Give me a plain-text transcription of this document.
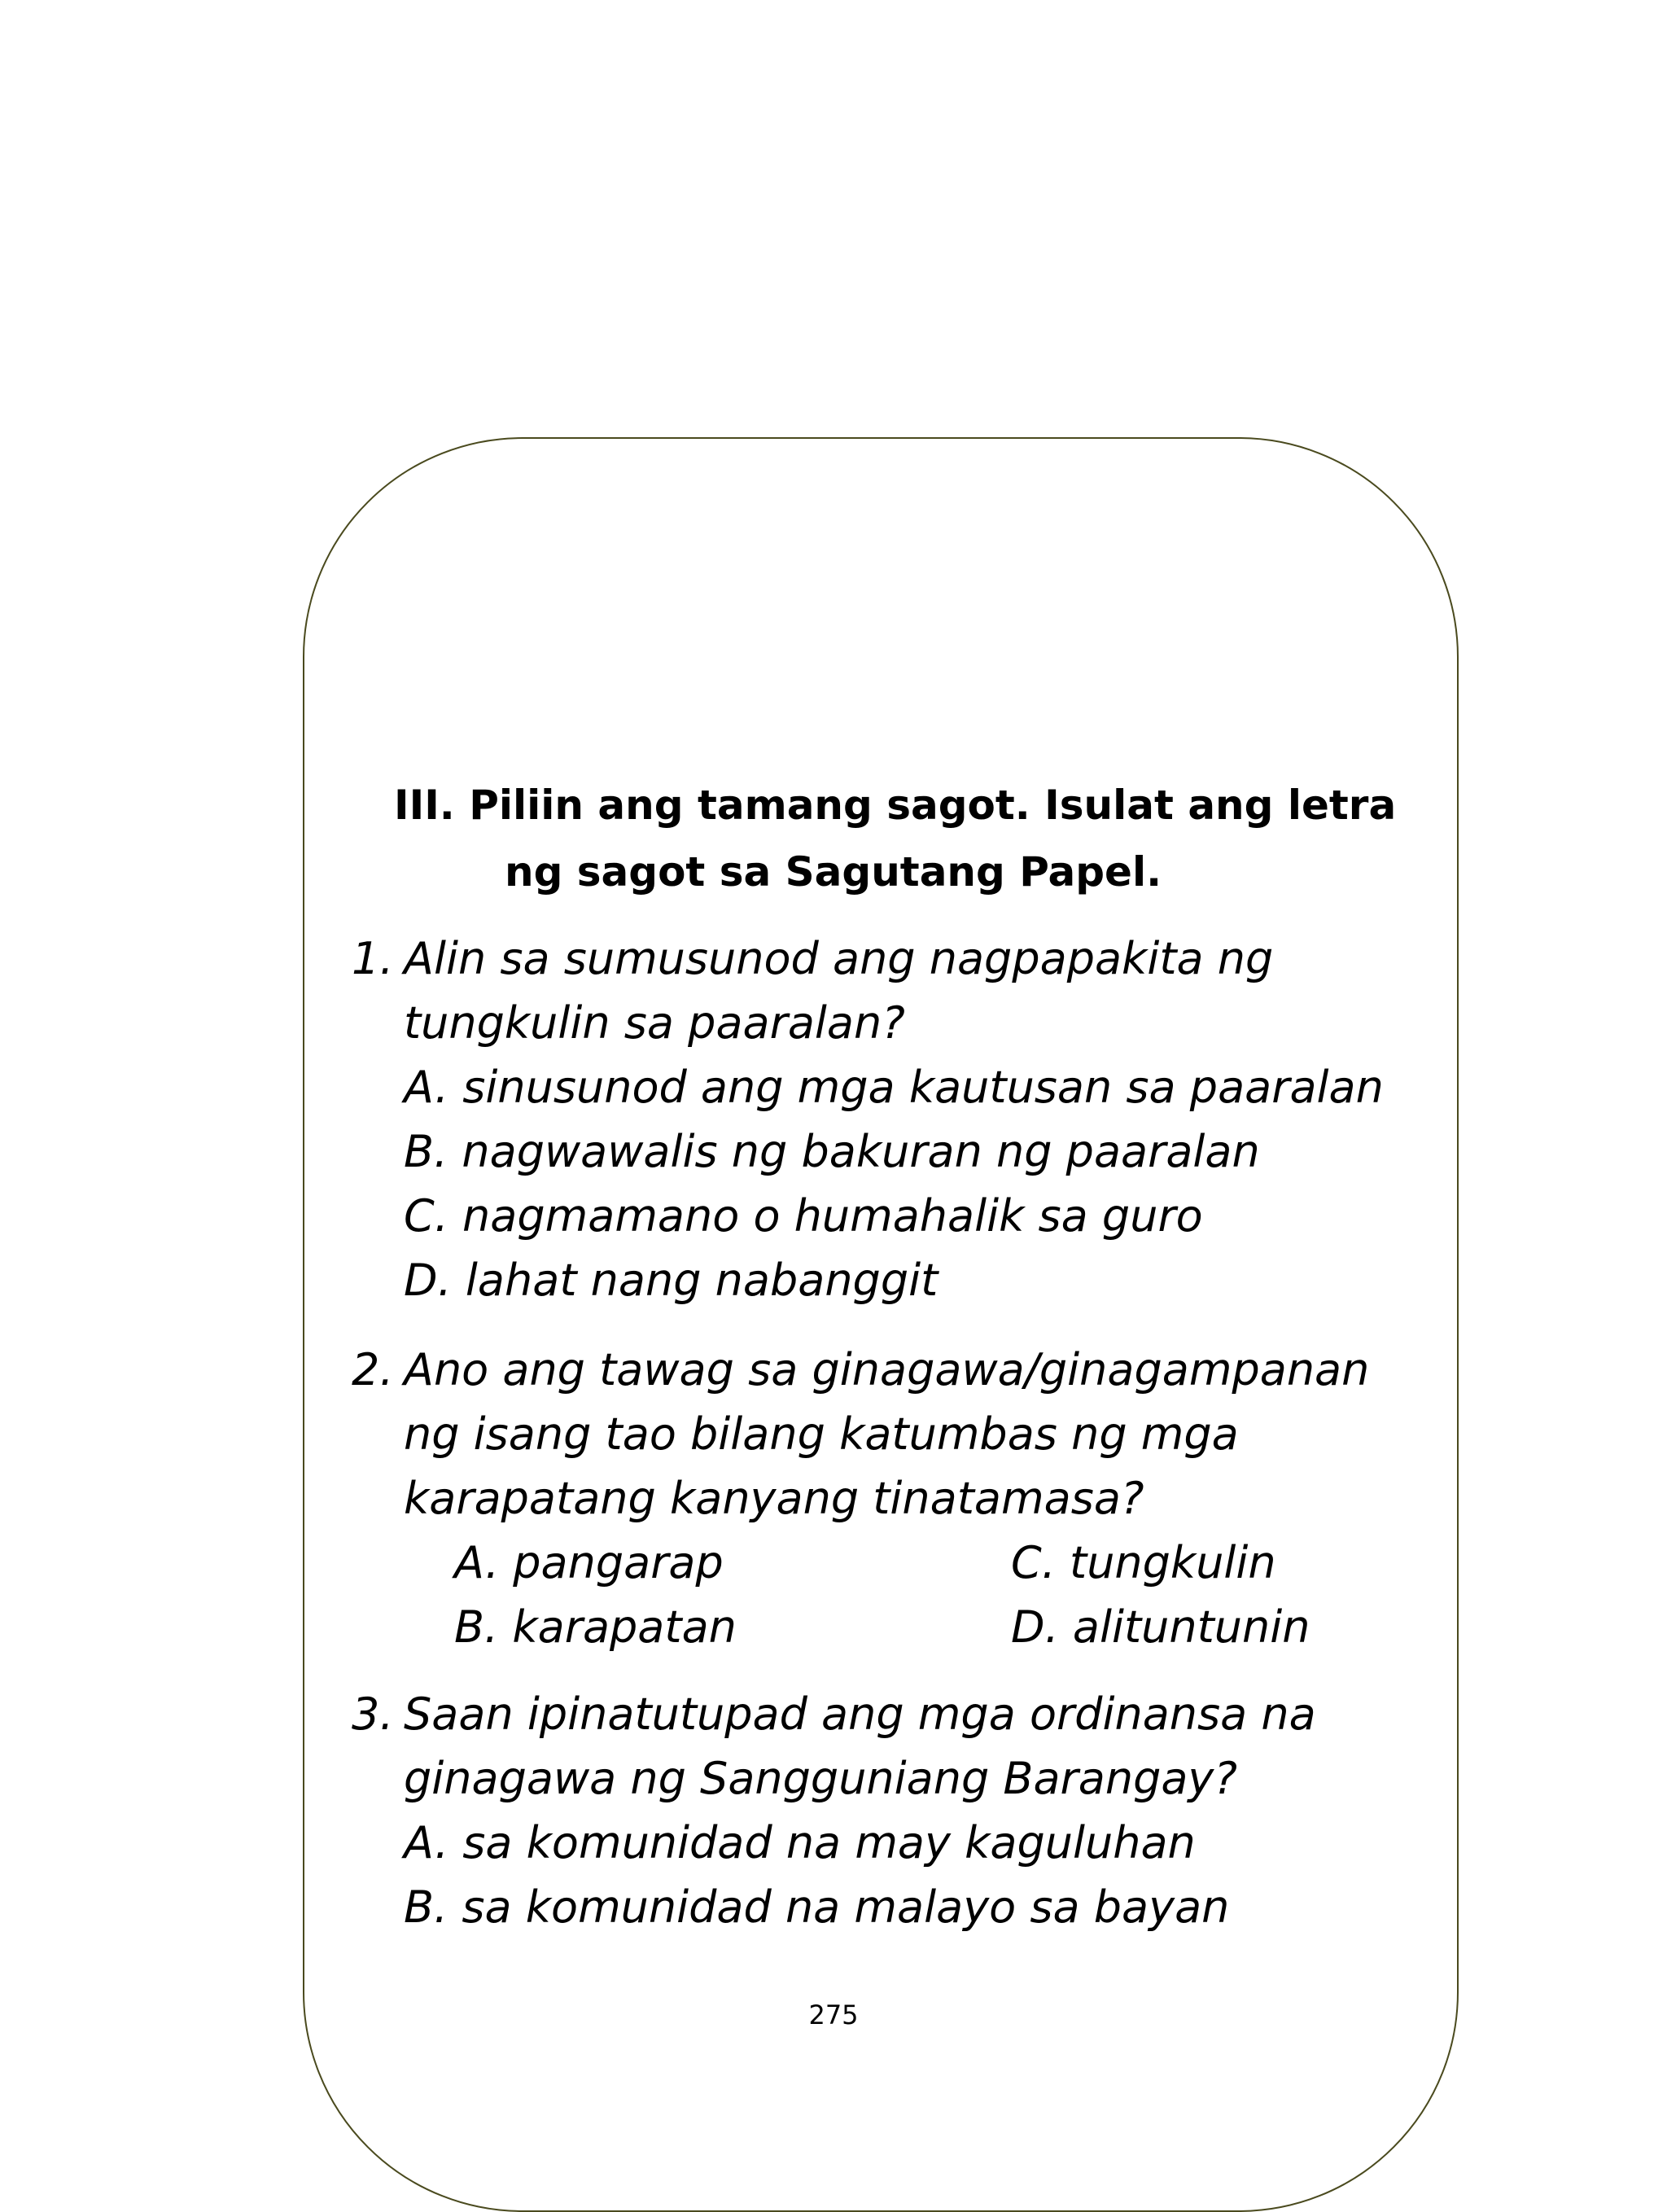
III. Piliin ang tamang sagot. Isulat ang letra
ng sagot sa Sagutang Papel.
1. Alin sa sumusunod ang nagpapakita ng
tungkulin sa paaralan?
A. sinusunod ang mga kautusan sa paaralan
B. nagwawalis ng bakuran ng paaralan
C. nagmamano o humahalik sa guro
D. lahat nang nabanggit
2. Ano ang tawag sa ginagawa/ginagampanan
ng isang tao bilang katumbas ng mga
karapatang kanyang tinatamasa?
A. pangarap	C. tungkulin
B. karapatan	D. alituntunin
3. Saan ipinatutupad ang mga ordinansa na
ginagawa ng Sangguniang Barangay?
A. sa komunidad na may kaguluhan
B. sa komunidad na malayo sa bayan
275
